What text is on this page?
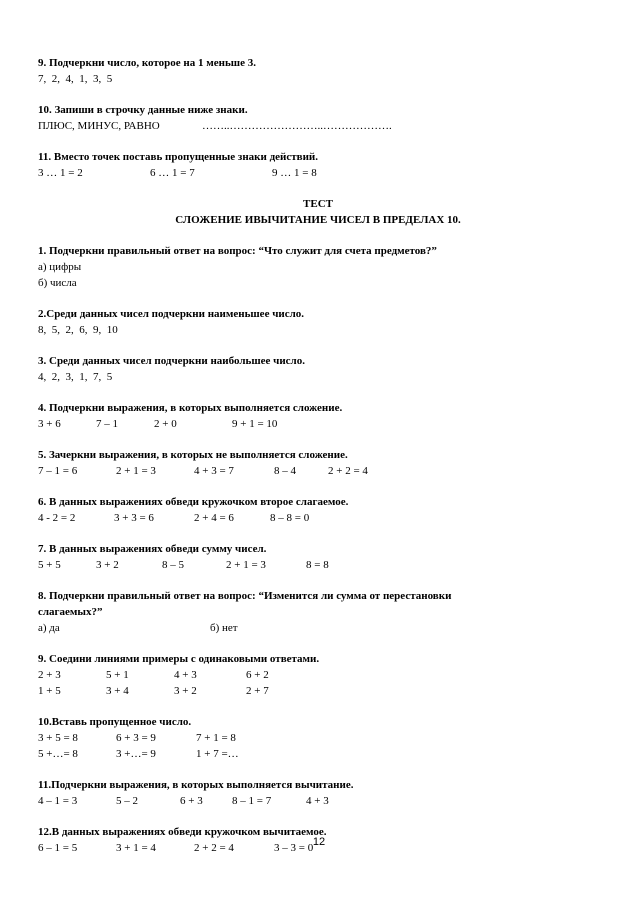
9. Подчеркни число, которое на 1 меньше 3.
7,  2,  4,  1,  3,  5
10. Запиши в строчку данные ниже знаки.
ПЛЮС, МИНУС, РАВНО	……..……………………..……………….
11. Вместо точек поставь пропущенные знаки действий.
3 … 1 = 2	6 … 1 = 7	9 … 1 = 8
ТЕСТ
СЛОЖЕНИЕ ИВЫЧИТАНИЕ ЧИСЕЛ В ПРЕДЕЛАХ 10.
1. Подчеркни правильный ответ на вопрос: “Что служит для счета предметов?”
а) цифры
б) числа
2.Среди данных чисел подчеркни наименьшее число.
8,  5,  2,  6,  9,  10
3. Среди данных чисел подчеркни наибольшее число.
4,  2,  3,  1,  7,  5
4. Подчеркни выражения, в которых выполняется сложение.
3 + 6	7 – 1	2 + 0	9 + 1 = 10
5. Зачеркни выражения, в которых не выполняется сложение.
7 – 1 = 6	2 + 1 = 3	4 + 3 = 7	8 – 4	2 + 2 = 4
6. В данных выражениях обведи кружочком второе слагаемое.
4 - 2 = 2	3 + 3 = 6	2 + 4 = 6	8 – 8 = 0
7. В данных выражениях обведи сумму чисел.
5 + 5	3 + 2	8 – 5	2 + 1 = 3	8 = 8
8. Подчеркни правильный ответ на вопрос: “Изменится ли сумма от перестановки
слагаемых?”
а) да	б) нет
9. Соедини линиями примеры с одинаковыми ответами.
2 + 3	5 + 1	4 + 3	6 + 2
1 + 5	3 + 4	3 + 2	2 + 7
10.Вставь пропущенное число.
3 + 5 = 8	6 + 3 = 9	7 + 1 = 8
5 +…= 8	3 +…= 9	1 + 7 =…
11.Подчеркни выражения, в которых выполняется вычитание.
4 – 1 = 3	5 – 2	6 + 3	8 – 1 = 7	4 + 3
12.В данных выражениях обведи кружочком вычитаемое.
6 – 1 = 5	3 + 1 = 4	2 + 2 = 4	3 – 3 = 0 12
